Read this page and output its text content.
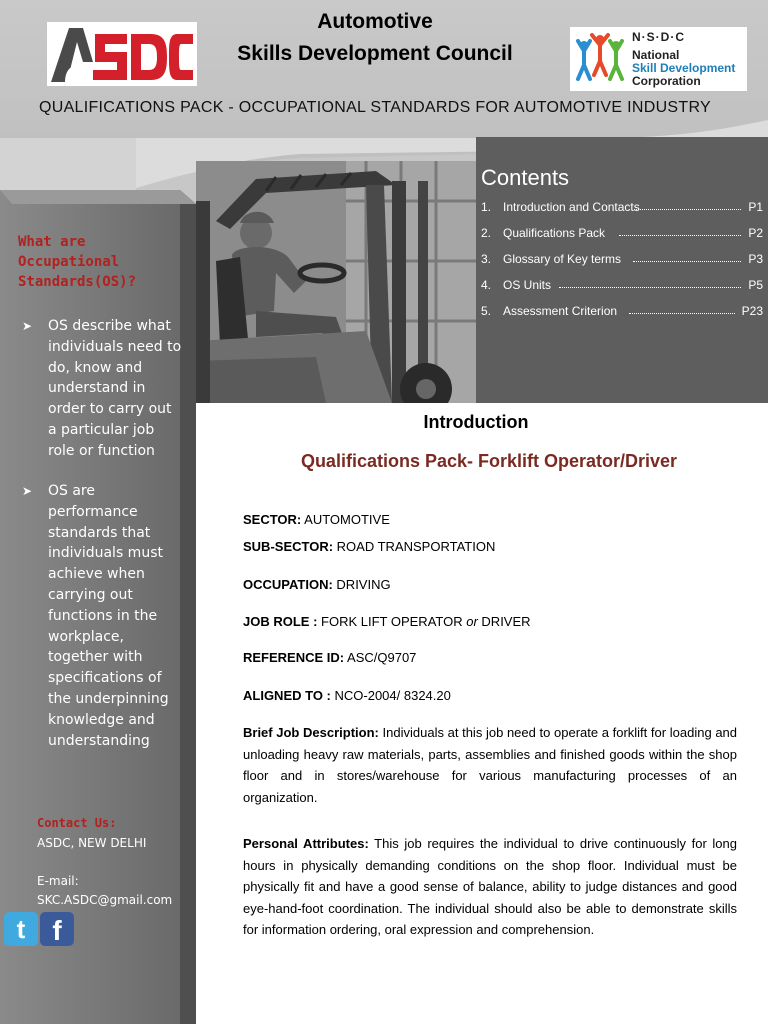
Automotive
Skills Development Council
N·S·D·C
National
Skill Development
Corporation
QUALIFICATIONS PACK - OCCUPATIONAL STANDARDS FOR AUTOMOTIVE INDUSTRY
What are Occupational Standards(OS)?
➤	OS describe what individuals need to do, know and understand in order to carry out a particular job role or function
➤	OS are performance standards that individuals must achieve when carrying out functions in the workplace, together with specifications of the underpinning knowledge and understanding
Contact Us:
ASDC, NEW DELHI
E-mail:
SKC.ASDC@gmail.com
t f
Contents
1. Introduction and Contacts	P1
2. Qualifications Pack	P2
3. Glossary of Key terms	P3
4. OS Units	P5
5. Assessment Criterion	P23
Introduction
Qualifications Pack- Forklift Operator/Driver
SECTOR: AUTOMOTIVE
SUB-SECTOR: ROAD TRANSPORTATION
OCCUPATION: DRIVING
JOB ROLE : FORK LIFT OPERATOR or DRIVER
REFERENCE ID: ASC/Q9707
ALIGNED TO : NCO-2004/ 8324.20
Brief Job Description: Individuals at this job need to operate a forklift for loading and unloading heavy raw materials, parts, assemblies and finished goods within the shop floor and in stores/warehouse for various manufacturing processes of an organization.
Personal Attributes: This job requires the individual to drive continuously for long hours in physically demanding conditions on the shop floor. Individual must be physically fit and have a good sense of balance, ability to judge distances and good eye-hand-foot coordination. The individual should also be able to demonstrate skills for information ordering, oral expression and comprehension.
